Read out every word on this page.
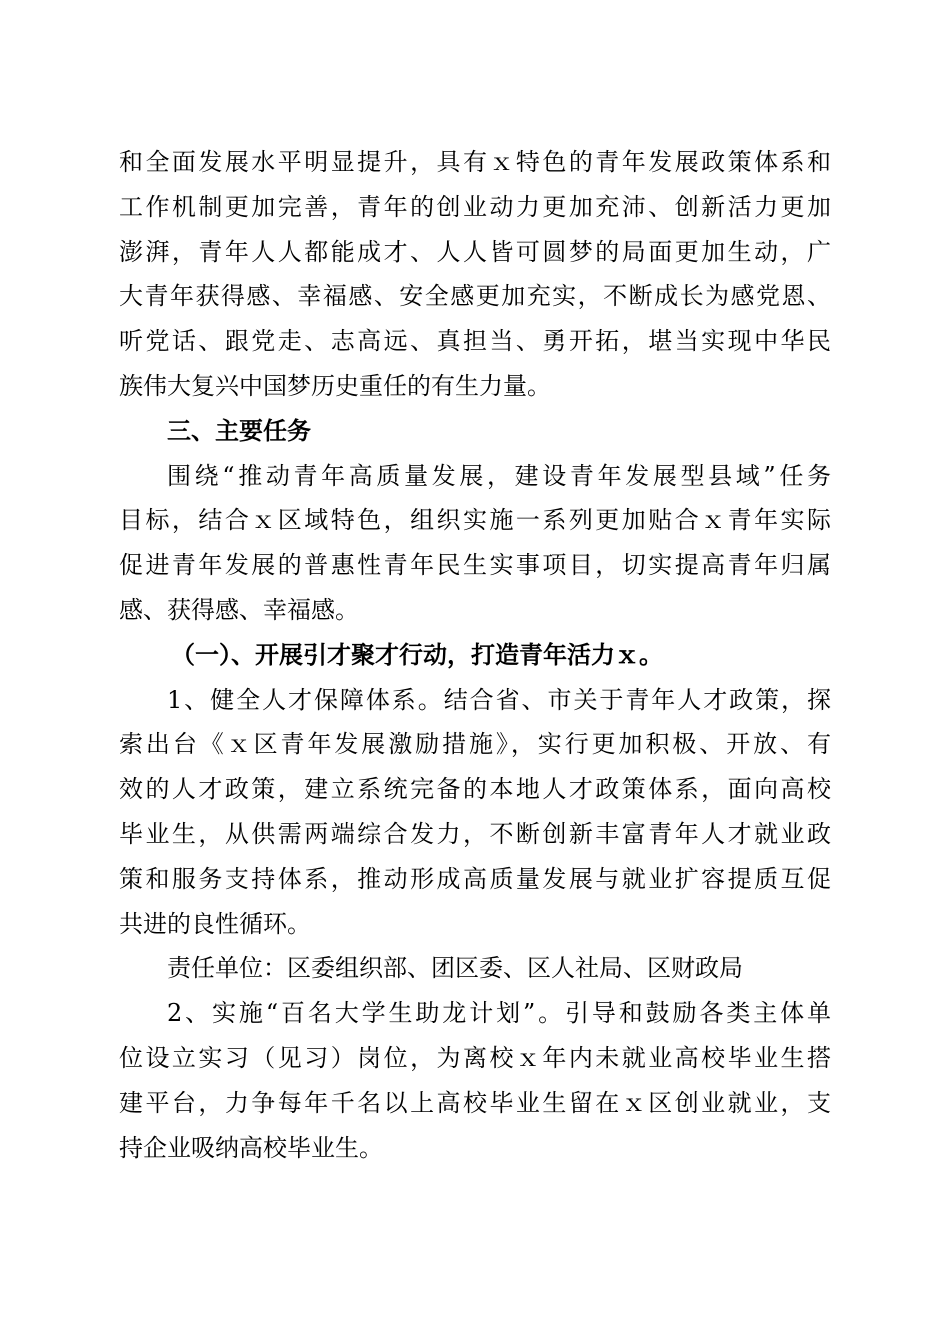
和全面发展水平明显提升，具有ｘ特色的青年发展政策体系和
工作机制更加完善，青年的创业动力更加充沛、创新活力更加
澎湃，青年人人都能成才、人人皆可圆梦的局面更加生动，广
大青年获得感、幸福感、安全感更加充实，不断成长为感党恩、
听党话、跟党走、志高远、真担当、勇开拓，堪当实现中华民
族伟大复兴中国梦历史重任的有生力量。
三、主要任务
围绕“推动青年高质量发展，建设青年发展型县域”任务
目标，结合ｘ区域特色，组织实施一系列更加贴合ｘ青年实际
促进青年发展的普惠性青年民生实事项目，切实提高青年归属
感、获得感、幸福感。
（一）、开展引才聚才行动，打造青年活力ｘ。
1、健全人才保障体系。结合省、市关于青年人才政策，探
索出台《ｘ区青年发展激励措施》，实行更加积极、开放、有
效的人才政策，建立系统完备的本地人才政策体系，面向高校
毕业生，从供需两端综合发力，不断创新丰富青年人才就业政
策和服务支持体系，推动形成高质量发展与就业扩容提质互促
共进的良性循环。
责任单位：区委组织部、团区委、区人社局、区财政局
2、实施“百名大学生助龙计划”。引导和鼓励各类主体单
位设立实习（见习）岗位，为离校ｘ年内未就业高校毕业生搭
建平台，力争每年千名以上高校毕业生留在ｘ区创业就业，支
持企业吸纳高校毕业生。
